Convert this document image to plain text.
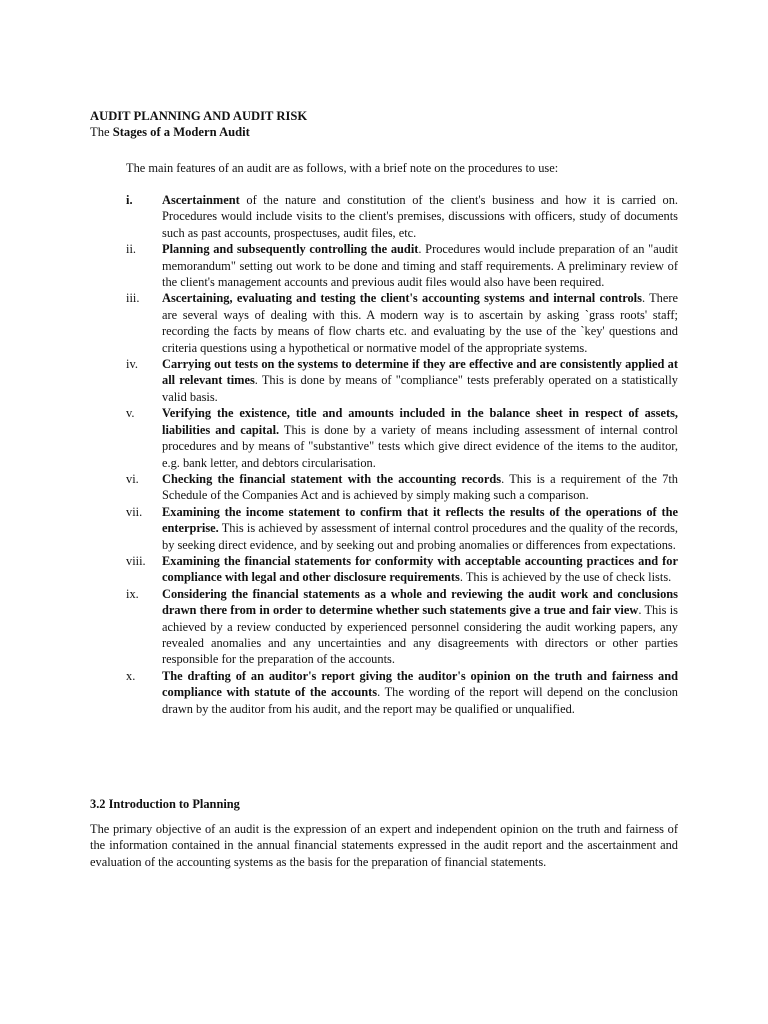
AUDIT PLANNING AND AUDIT RISK

The Stages of a Modern Audit

The main features of an audit are as follows, with a brief note on the procedures to use:

i. Ascertainment of the nature and constitution of the client's business and how it is carried on. Procedures would include visits to the client's premises, discussions with officers, study of documents such as past accounts, prospectuses, audit files, etc.
ii. Planning and subsequently controlling the audit. Procedures would include preparation of an "audit memorandum" setting out work to be done and timing and staff requirements. A preliminary review of the client's management accounts and previous audit files would also have been required.
iii. Ascertaining, evaluating and testing the client's accounting systems and internal controls. There are several ways of dealing with this. A modern way is to ascertain by asking `grass roots' staff; recording the facts by means of flow charts etc. and evaluating by the use of the `key' questions and criteria questions using a hypothetical or normative model of the appropriate systems.
iv. Carrying out tests on the systems to determine if they are effective and are consistently applied at all relevant times. This is done by means of "compliance" tests preferably operated on a statistically valid basis.
v. Verifying the existence, title and amounts included in the balance sheet in respect of assets, liabilities and capital. This is done by a variety of means including assessment of internal control procedures and by means of "substantive" tests which give direct evidence of the items to the auditor, e.g. bank letter, and debtors circularisation.
vi. Checking the financial statement with the accounting records. This is a requirement of the 7th Schedule of the Companies Act and is achieved by simply making such a comparison.
vii. Examining the income statement to confirm that it reflects the results of the operations of the enterprise. This is achieved by assessment of internal control procedures and the quality of the records, by seeking direct evidence, and by seeking out and probing anomalies or differences from expectations.
viii. Examining the financial statements for conformity with acceptable accounting practices and for compliance with legal and other disclosure requirements. This is achieved by the use of check lists.
ix. Considering the financial statements as a whole and reviewing the audit work and conclusions drawn there from in order to determine whether such statements give a true and fair view. This is achieved by a review conducted by experienced personnel considering the audit working papers, any revealed anomalies and any uncertainties and any disagreements with directors or other parties responsible for the preparation of the accounts.
x. The drafting of an auditor's report giving the auditor's opinion on the truth and fairness and compliance with statute of the accounts. The wording of the report will depend on the conclusion drawn by the auditor from his audit, and the report may be qualified or unqualified.

3.2 Introduction to Planning

The primary objective of an audit is the expression of an expert and independent opinion on the truth and fairness of the information contained in the annual financial statements expressed in the audit report and the ascertainment and evaluation of the accounting systems as the basis for the preparation of financial statements.
